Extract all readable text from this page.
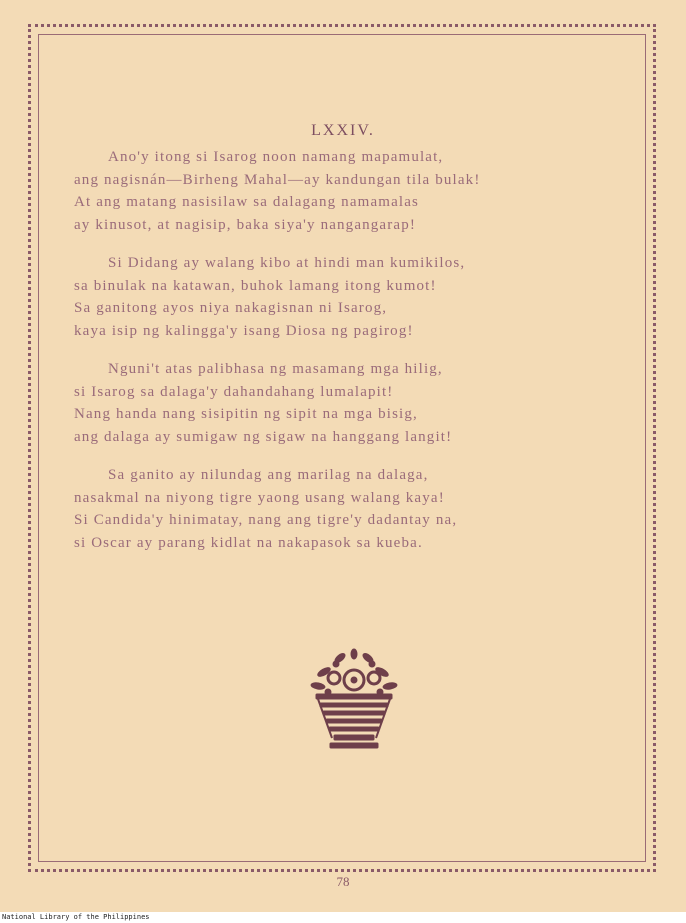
LXXIV.
Ano'y itong si Isarog noon namang mapamulat,
ang nagisnán—Birheng Mahal—ay kandungan tila bulak!
At ang matang nasisilaw sa dalagang namamalas
ay kinusot, at nagisip, baka siya'y nangangarap!
Si Didang ay walang kibo at hindi man kumikilos,
sa binulak na katawan, buhok lamang itong kumot!
Sa ganitong ayos niya nakagisnan ni Isarog,
kaya isip ng kalingga'y isang Diosa ng pagirog!
Nguni't atas palibhasa ng masamang mga hilig,
si Isarog sa dalaga'y dahandahang lumalapit!
Nang handa nang sisipitin ng sipit na mga bisig,
ang dalaga ay sumigaw ng sigaw na hanggang langit!
Sa ganito ay nilundag ang marilag na dalaga,
nasakmal na niyong tigre yaong usang walang kaya!
Si Candida'y hinimatay, nang ang tigre'y dadantay na,
si Oscar ay parang kidlat na nakapasok sa kueba.
78
National Library of the Philippines
